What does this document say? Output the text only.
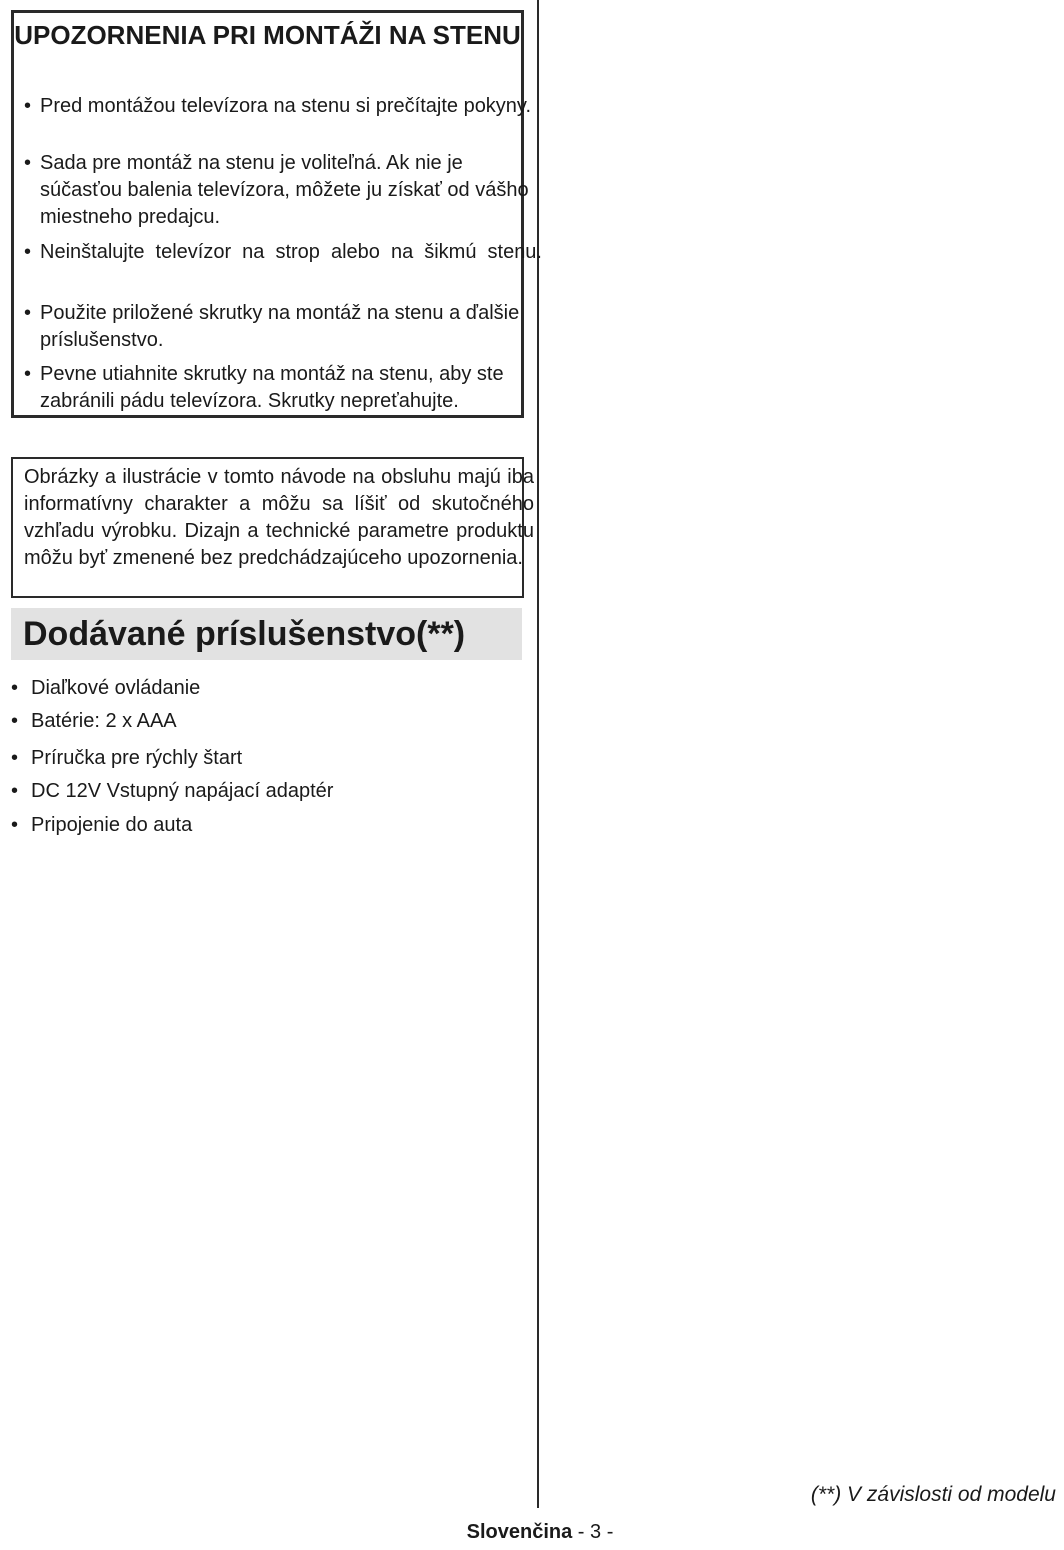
UPOZORNENIA PRI MONTÁŽI NA STENU
• Pred montážou televízora na stenu si prečítajte pokyny.
• Sada pre montáž na stenu je voliteľná. Ak nie je súčasťou balenia televízora, môžete ju získať od vášho miestneho predajcu.
• Neinštalujte televízor na strop alebo na šikmú stenu.
• Použite priložené skrutky na montáž na stenu a ďalšie príslušenstvo.
• Pevne utiahnite skrutky na montáž na stenu, aby ste zabránili pádu televízora. Skrutky nepreťahujte.

Obrázky a ilustrácie v tomto návode na obsluhu majú iba informatívny charakter a môžu sa líšiť od skutočného vzhľadu výrobku. Dizajn a technické parametre produktu môžu byť zmenené bez predchádzajúceho upozornenia.

Dodávané príslušenstvo(**)
• Diaľkové ovládanie
• Batérie: 2 x AAA
• Príručka pre rýchly štart
• DC 12V Vstupný napájací adaptér
• Pripojenie do auta
(**) V závislosti od modelu
Slovenčina - 3 -
